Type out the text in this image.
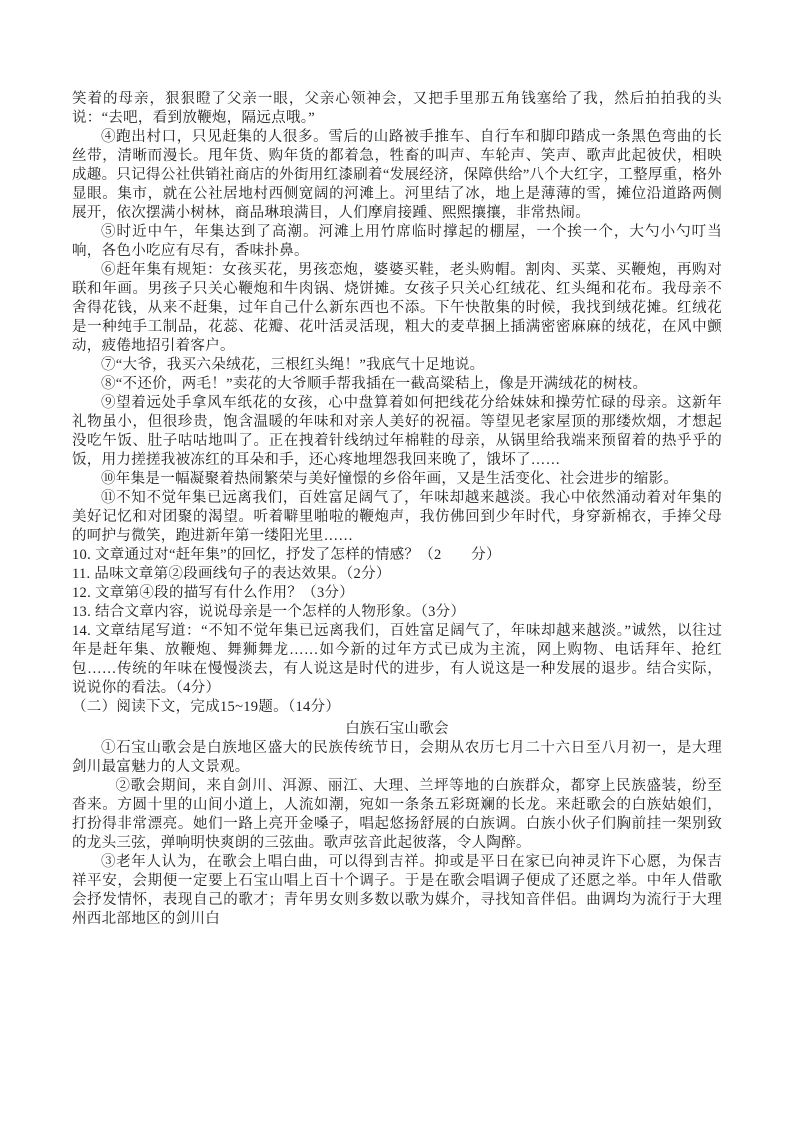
笑着的母亲，狠狠瞪了父亲一眼，父亲心领神会，又把手里那五角钱塞给了我，然后拍拍我的头说：“去吧，看到放鞭炮，隔远点哦。”

④跑出村口，只见赶集的人很多。雪后的山路被手推车、自行车和脚印踏成一条黑色弯曲的长丝带，清晰而漫长。甩年货、购年货的都着急，牲畜的叫声、车轮声、笑声、歌声此起彼伏，相映成趣。只记得公社供销社商店的外街用红漆刷着“发展经济，保障供给”八个大红字，工整厚重，格外显眼。集市，就在公社居地村西侧宽阔的河滩上。河里结了冰，地上是薄薄的雪，摊位沿道路两侧展开，依次摆满小树林，商品琳琅满目，人们摩肩接踵、熙熙攘攘，非常热闹。

⑤时近中午，年集达到了高潮。河滩上用竹席临时撑起的棚屋，一个挨一个，大勺小勺叮当响，各色小吃应有尽有，香味扑鼻。

⑥赶年集有规矩：女孩买花，男孩恋炮，婆婆买鞋，老头购帽。割肉、买菜、买鞭炮，再购对联和年画。男孩子只关心鞭炮和牛肉锅、烧饼摊。女孩子只关心红绒花、红头绳和花布。我母亲不舍得花钱，从来不赶集，过年自己什么新东西也不添。下午快散集的时候，我找到绒花摊。红绒花是一种纯手工制品，花蕊、花瓣、花叶活灵活现，粗大的麦草捆上插满密密麻麻的绒花，在风中颤动，疲倦地招引着客户。

⑦“大爷，我买六朵绒花，三根红头绳！”我底气十足地说。

⑧“不还价，两毛！”卖花的大爷顺手帮我插在一截高粱秸上，像是开满绒花的树枝。

⑨望着远处手拿风车纸花的女孩，心中盘算着如何把线花分给妹妹和操劳忙碌的母亲。这新年礼物虽小，但很珍贵，饱含温暖的年味和对亲人美好的祝福。等望见老家屋顶的那缕炊烟，才想起没吃午饭、肚子咕咕地叫了。正在拽着针线纳过年棉鞋的母亲，从锅里给我端来预留着的热乎乎的饭，用力搓搓我被冻红的耳朵和手，还心疼地埋怨我回来晚了，饿坏了……

⑩年集是一幅凝聚着热闹繁荣与美好憧憬的乡俗年画，又是生活变化、社会进步的缩影。

⑪不知不觉年集已远离我们，百姓富足阔气了，年味却越来越淡。我心中依然涌动着对年集的美好记忆和对团聚的渴望。听着噼里啪啦的鞭炮声，我仿佛回到少年时代，身穿新棉衣，手捧父母的呵护与微笑，跑进新年第一缕阳光里……

10. 文章通过对“赶年集”的回忆，抒发了怎样的情感？（2　　分）

11. 品味文章第②段画线句子的表达效果。（2分）

12. 文章第④段的描写有什么作用？（3分）

13. 结合文章内容，说说母亲是一个怎样的人物形象。（3分）

14. 文章结尾写道：“不知不觉年集已远离我们，百姓富足阔气了，年味却越来越淡。”诚然，以往过年是赶年集、放鞭炮、舞狮舞龙……如今新的过年方式已成为主流，网上购物、电话拜年、抢红包……传统的年味在慢慢淡去，有人说这是时代的进步，有人说这是一种发展的退步。结合实际，说说你的看法。（4分）

（二）阅读下文，完成15~19题。（14分）

白族石宝山歌会

①石宝山歌会是白族地区盛大的民族传统节日，会期从农历七月二十六日至八月初一，是大理剑川最富魅力的人文景观。

②歌会期间，来自剑川、洱源、丽江、大理、兰坪等地的白族群众，都穿上民族盛装，纷至沓来。方圆十里的山间小道上，人流如潮，宛如一条条五彩斑斓的长龙。来赶歌会的白族姑娘们，打扮得非常漂亮。她们一路上亮开金嗓子，唱起悠扬舒展的白族调。白族小伙子们胸前挂一架别致的龙头三弦，弹响明快爽朗的三弦曲。歌声弦音此起彼落，令人陶醉。

③老年人认为，在歌会上唱白曲，可以得到吉祥。抑或是平日在家已向神灵许下心愿，为保吉祥平安，会期便一定要上石宝山唱上百十个调子。于是在歌会唱调子便成了还愿之举。中年人借歌会抒发情怀，表现自己的歌才；青年男女则多数以歌为媒介，寻找知音伴侣。曲调均为流行于大理州西北部地区的剑川白
